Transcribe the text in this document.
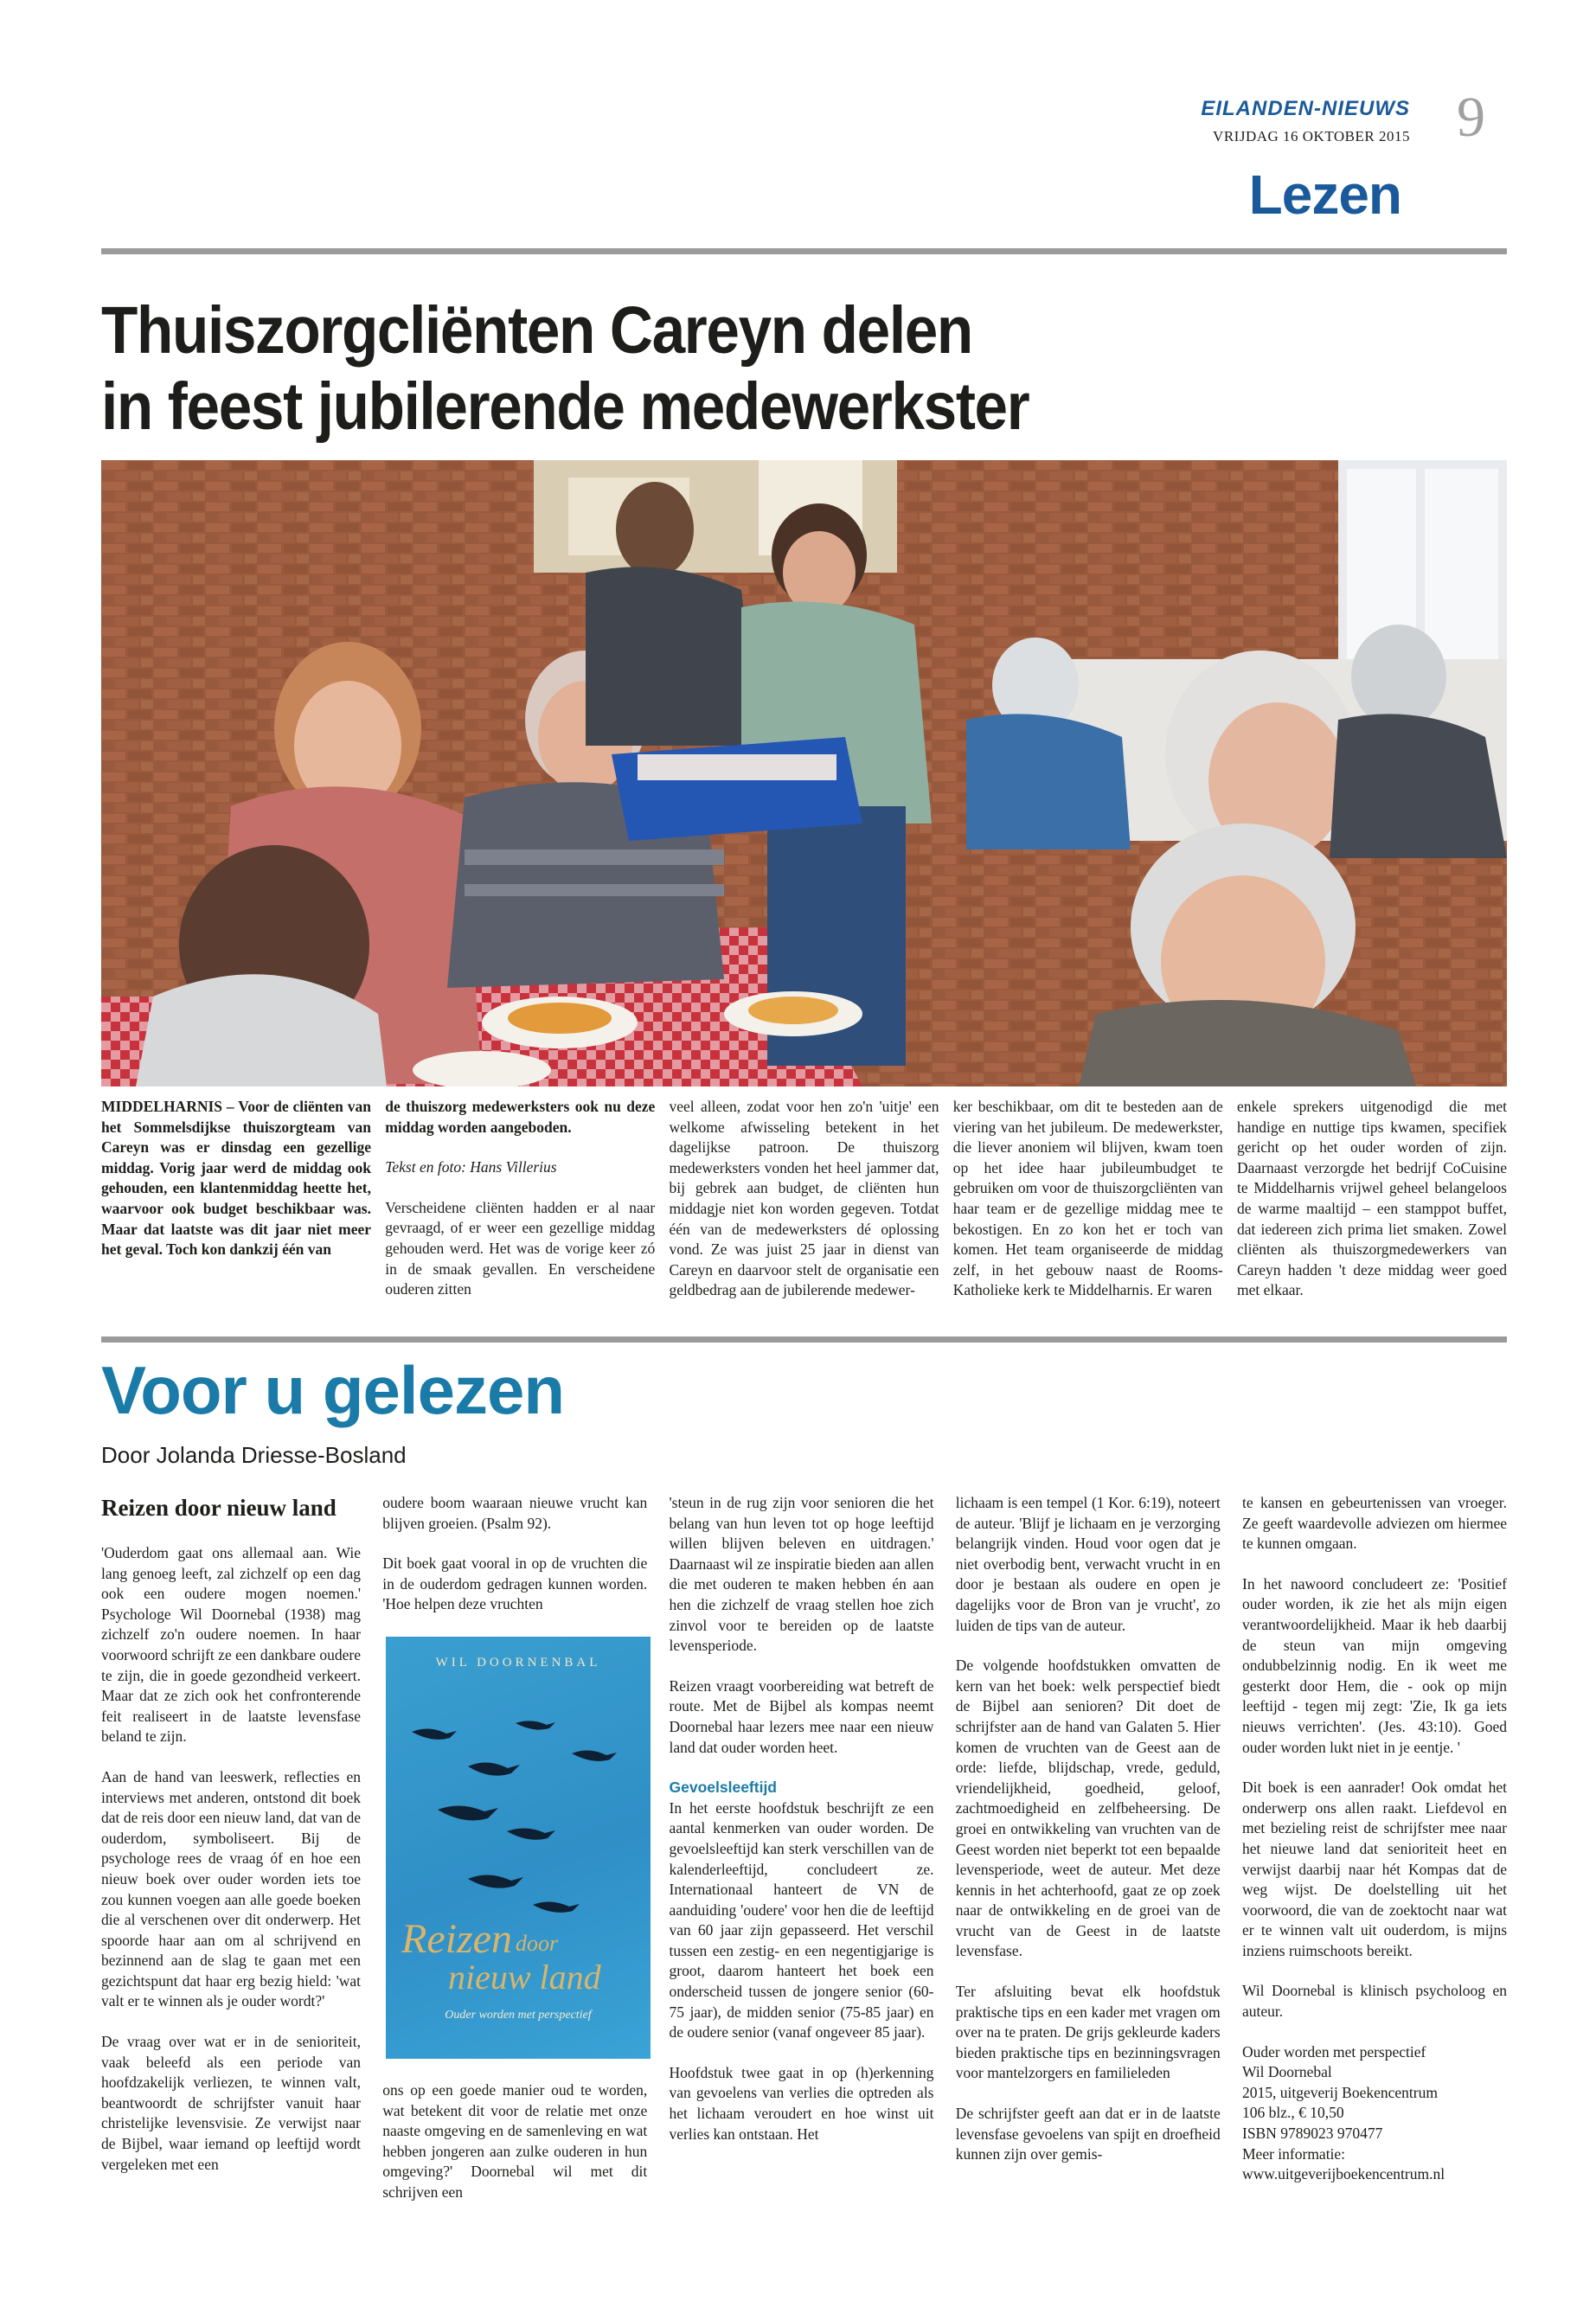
EILANDEN-NIEUWS
VRIJDAG 16 OKTOBER 2015 9
Lezen
Thuiszorgcliënten Careyn delen
in feest jubilerende medewerkster

MIDDELHARNIS – Voor de cliënten van het Sommelsdijkse thuiszorgteam van Careyn was er dinsdag een gezellige middag. Vorig jaar werd de middag ook gehouden, een klantenmiddag heette het, waarvoor ook budget beschikbaar was. Maar dat laatste was dit jaar niet meer het geval. Toch kon dankzij één van

de thuiszorg medewerksters ook nu deze middag worden aangeboden.

Tekst en foto: Hans Villerius

Verscheidene cliënten hadden er al naar gevraagd, of er weer een gezellige middag gehouden werd. Het was de vorige keer zó in de smaak gevallen. En verscheidene ouderen zitten

veel alleen, zodat voor hen zo'n 'uitje' een welkome afwisseling betekent in het dagelijkse patroon. De thuiszorg medewerksters vonden het heel jammer dat, bij gebrek aan budget, de cliënten hun middagje niet kon worden gegeven. Totdat één van de medewerksters dé oplossing vond. Ze was juist 25 jaar in dienst van Careyn en daarvoor stelt de organisatie een geldbedrag aan de jubilerende medewer-

ker beschikbaar, om dit te besteden aan de viering van het jubileum. De medewerkster, die liever anoniem wil blijven, kwam toen op het idee haar jubileumbudget te gebruiken om voor de thuiszorgcliënten van haar team er de gezellige middag mee te bekostigen. En zo kon het er toch van komen. Het team organiseerde de middag zelf, in het gebouw naast de Rooms-Katholieke kerk te Middelharnis. Er waren

enkele sprekers uitgenodigd die met handige en nuttige tips kwamen, specifiek gericht op het ouder worden of zijn. Daarnaast verzorgde het bedrijf CoCuisine te Middelharnis vrijwel geheel belangeloos de warme maaltijd – een stamppot buffet, dat iedereen zich prima liet smaken. Zowel cliënten als thuiszorgmedewerkers van Careyn hadden 't deze middag weer goed met elkaar.

Voor u gelezen
Door Jolanda Driesse-Bosland

Reizen door nieuw land

'Ouderdom gaat ons allemaal aan. Wie lang genoeg leeft, zal zichzelf op een dag ook een oudere mogen noemen.' Psychologe Wil Doornebal (1938) mag zichzelf zo'n oudere noemen. In haar voorwoord schrijft ze een dankbare oudere te zijn, die in goede gezondheid verkeert. Maar dat ze zich ook het confronterende feit realiseert in de laatste levensfase beland te zijn.

Aan de hand van leeswerk, reflecties en interviews met anderen, ontstond dit boek dat de reis door een nieuw land, dat van de ouderdom, symboliseert. Bij de psychologe rees de vraag óf en hoe een nieuw boek over ouder worden iets toe zou kunnen voegen aan alle goede boeken die al verschenen over dit onderwerp. Het spoorde haar aan om al schrijvend en bezinnend aan de slag te gaan met een gezichtspunt dat haar erg bezig hield: 'wat valt er te winnen als je ouder wordt?'

De vraag over wat er in de senioriteit, vaak beleefd als een periode van hoofdzakelijk verliezen, te winnen valt, beantwoordt de schrijfster vanuit haar christelijke levensvisie. Ze verwijst naar de Bijbel, waar iemand op leeftijd wordt vergeleken met een

oudere boom waaraan nieuwe vrucht kan blijven groeien. (Psalm 92).

Dit boek gaat vooral in op de vruchten die in de ouderdom gedragen kunnen worden. 'Hoe helpen deze vruchten

ons op een goede manier oud te worden, wat betekent dit voor de relatie met onze naaste omgeving en de samenleving en wat hebben jongeren aan zulke ouderen in hun omgeving?' Doornebal wil met dit schrijven een

'steun in de rug zijn voor senioren die het belang van hun leven tot op hoge leeftijd willen blijven beleven en uitdragen.' Daarnaast wil ze inspiratie bieden aan allen die met ouderen te maken hebben én aan hen die zichzelf de vraag stellen hoe zich zinvol voor te bereiden op de laatste levensperiode.

Reizen vraagt voorbereiding wat betreft de route. Met de Bijbel als kompas neemt Doornebal haar lezers mee naar een nieuw land dat ouder worden heet.

Gevoelsleeftijd

In het eerste hoofdstuk beschrijft ze een aantal kenmerken van ouder worden. De gevoelsleeftijd kan sterk verschillen van de kalenderleeftijd, concludeert ze. Internationaal hanteert de VN de aanduiding 'oudere' voor hen die de leeftijd van 60 jaar zijn gepasseerd. Het verschil tussen een zestig- en een negentigjarige is groot, daarom hanteert het boek een onderscheid tussen de jongere senior (60-75 jaar), de midden senior (75-85 jaar) en de oudere senior (vanaf ongeveer 85 jaar).

Hoofdstuk twee gaat in op (h)erkenning van gevoelens van verlies die optreden als het lichaam veroudert en hoe winst uit verlies kan ontstaan. Het

lichaam is een tempel (1 Kor. 6:19), noteert de auteur. 'Blijf je lichaam en je verzorging belangrijk vinden. Houd voor ogen dat je niet overbodig bent, verwacht vrucht in en door je bestaan als oudere en open je dagelijks voor de Bron van je vrucht', zo luiden de tips van de auteur.

De volgende hoofdstukken omvatten de kern van het boek: welk perspectief biedt de Bijbel aan senioren? Dit doet de schrijfster aan de hand van Galaten 5. Hier komen de vruchten van de Geest aan de orde: liefde, blijdschap, vrede, geduld, vriendelijkheid, goedheid, geloof, zachtmoedigheid en zelfbeheersing. De groei en ontwikkeling van vruchten van de Geest worden niet beperkt tot een bepaalde levensperiode, weet de auteur. Met deze kennis in het achterhoofd, gaat ze op zoek naar de ontwikkeling en de groei van de vrucht van de Geest in de laatste levensfase.

Ter afsluiting bevat elk hoofdstuk praktische tips en een kader met vragen om over na te praten. De grijs gekleurde kaders bieden praktische tips en bezinningsvragen voor mantelzorgers en familieleden

De schrijfster geeft aan dat er in de laatste levensfase gevoelens van spijt en droefheid kunnen zijn over gemis-

te kansen en gebeurtenissen van vroeger. Ze geeft waardevolle adviezen om hiermee te kunnen omgaan.

In het nawoord concludeert ze: 'Positief ouder worden, ik zie het als mijn eigen verantwoordelijkheid. Maar ik heb daarbij de steun van mijn omgeving ondubbelzinnig nodig. En ik weet me gesterkt door Hem, die - ook op mijn leeftijd - tegen mij zegt: 'Zie, Ik ga iets nieuws verrichten'. (Jes. 43:10). Goed ouder worden lukt niet in je eentje. '

Dit boek is een aanrader! Ook omdat het onderwerp ons allen raakt. Liefdevol en met bezieling reist de schrijfster mee naar het nieuwe land dat senioriteit heet en verwijst daarbij naar hét Kompas dat de weg wijst. De doelstelling uit het voorwoord, die van de zoektocht naar wat er te winnen valt uit ouderdom, is mijns inziens ruimschoots bereikt.

Wil Doornebal is klinisch psycholoog en auteur.

Ouder worden met perspectief
Wil Doornebal
2015, uitgeverij Boekencentrum
106 blz., € 10,50
ISBN 9789023 970477
Meer informatie:
www.uitgeverijboekencentrum.nl
WIL DOORNENBAL
Reizen door
nieuw land
Ouder worden met perspectief
